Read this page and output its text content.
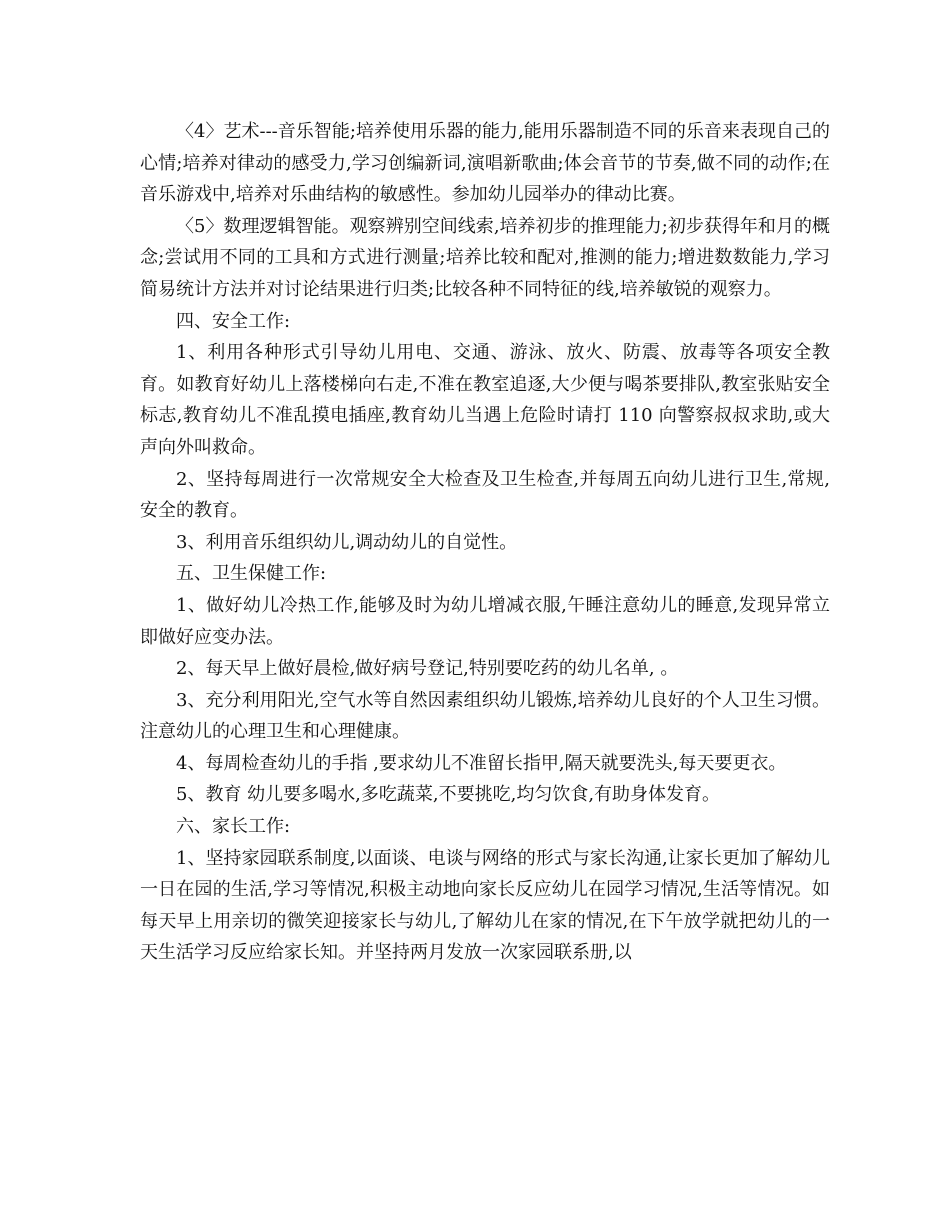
〈4〉艺术---音乐智能;培养使用乐器的能力,能用乐器制造不同的乐音来表现自己的心情;培养对律动的感受力,学习创编新词,演唱新歌曲;体会音节的节奏,做不同的动作;在音乐游戏中,培养对乐曲结构的敏感性。参加幼儿园举办的律动比赛。

〈5〉数理逻辑智能。观察辨别空间线索,培养初步的推理能力;初步获得年和月的概念;尝试用不同的工具和方式进行测量;培养比较和配对,推测的能力;增进数数能力,学习简易统计方法并对讨论结果进行归类;比较各种不同特征的线,培养敏锐的观察力。

四、安全工作:

1、利用各种形式引导幼儿用电、交通、游泳、放火、防震、放毒等各项安全教育。如教育好幼儿上落楼梯向右走,不准在教室追逐,大少便与喝茶要排队,教室张贴安全标志,教育幼儿不准乱摸电插座,教育幼儿当遇上危险时请打 110 向警察叔叔求助,或大声向外叫救命。

2、坚持每周进行一次常规安全大检查及卫生检查,并每周五向幼儿进行卫生,常规,安全的教育。

3、利用音乐组织幼儿,调动幼儿的自觉性。

五、卫生保健工作:

1、做好幼儿冷热工作,能够及时为幼儿增减衣服,午睡注意幼儿的睡意,发现异常立即做好应变办法。

2、每天早上做好晨检,做好病号登记,特别要吃药的幼儿名单, 。

3、充分利用阳光,空气水等自然因素组织幼儿锻炼,培养幼儿良好的个人卫生习惯。注意幼儿的心理卫生和心理健康。

4、每周检查幼儿的手指 ,要求幼儿不准留长指甲,隔天就要洗头,每天要更衣。

5、教育 幼儿要多喝水,多吃蔬菜,不要挑吃,均匀饮食,有助身体发育。

六、家长工作:

1、坚持家园联系制度,以面谈、电谈与网络的形式与家长沟通,让家长更加了解幼儿一日在园的生活,学习等情况,积极主动地向家长反应幼儿在园学习情况,生活等情况。如每天早上用亲切的微笑迎接家长与幼儿,了解幼儿在家的情况,在下午放学就把幼儿的一天生活学习反应给家长知。并坚持两月发放一次家园联系册,以
